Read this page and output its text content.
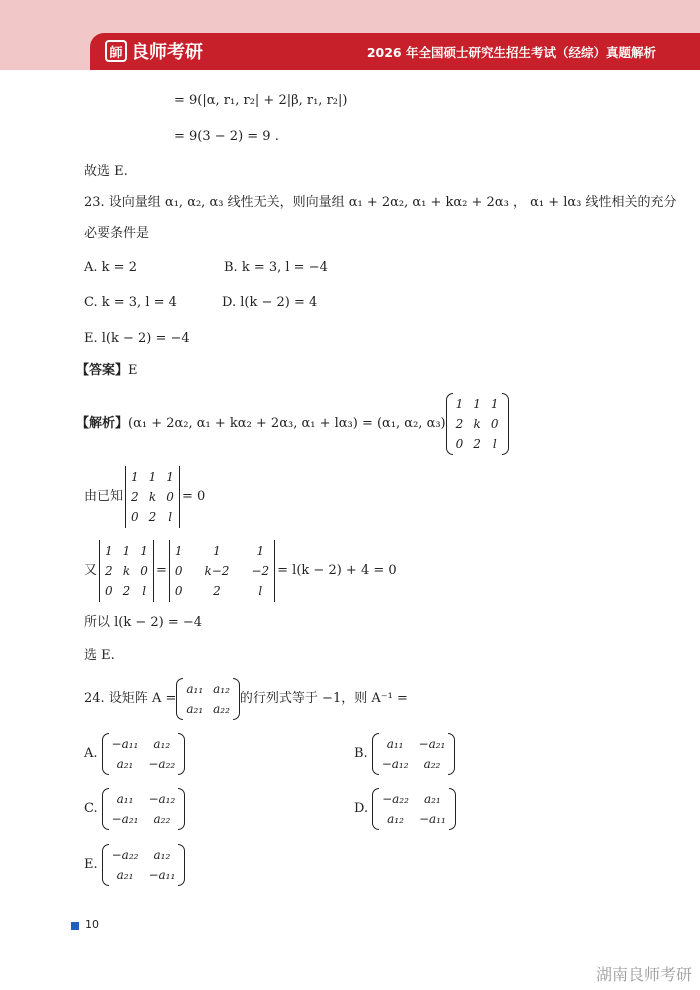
師 良师考研	2026 年全国硕士研究生招生考试（经综）真题解析
= 9(|α, r₁, r₂| + 2|β, r₁, r₂|)
= 9(3 − 2) = 9 .
故选 E.
23. 设向量组 α₁, α₂, α₃ 线性无关，则向量组 α₁ + 2α₂, α₁ + kα₂ + 2α₃ ， α₁ + lα₃ 线性相关的充分
必要条件是
A. k = 2	B. k = 3, l = −4
C. k = 3, l = 4	D. l(k − 2) = 4
E. l(k − 2) = −4
【答案】E
【解析】 (α₁ + 2α₂, α₁ + kα₂ + 2α₃, α₁ + lα₃) = (α₁, α₂, α₃)
1 1 1
2 k 0
0 2 l
由已知
1 1 1
2 k 0
0 2 l
= 0
又
1 1 1
2 k 0
0 2 l
=
1	1	1
0 k−2 −2
0	2	l
= l(k − 2) + 4 = 0
所以 l(k − 2) = −4
选 E.
24. 设矩阵 A =
a₁₁ a₁₂
a₂₁ a₂₂
的行列式等于 −1，则 A⁻¹ =
A.
−a₁₁	a₁₂
a₂₁	−a₂₂
B.
a₁₁	−a₂₁
−a₁₂	a₂₂
C.
a₁₁	−a₁₂
−a₂₁	a₂₂
D.
−a₂₂	a₂₁
a₁₂	−a₁₁
E.
−a₂₂	a₁₂
a₂₁	−a₁₁
10
湖南良师考研
